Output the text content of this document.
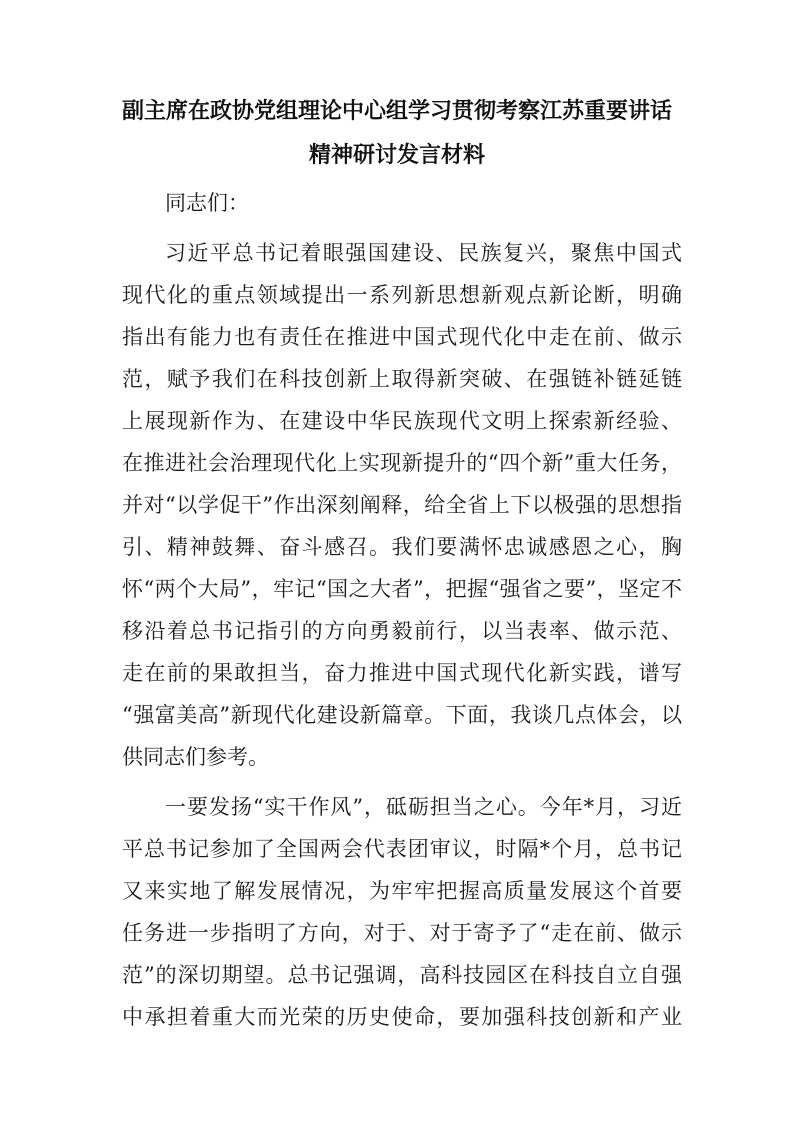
副主席在政协党组理论中心组学习贯彻考察江苏重要讲话
精神研讨发言材料

同志们：

习近平总书记着眼强国建设、民族复兴，聚焦中国式

现代化的重点领域提出一系列新思想新观点新论断，明确

指出有能力也有责任在推进中国式现代化中走在前、做示

范，赋予我们在科技创新上取得新突破、在强链补链延链

上展现新作为、在建设中华民族现代文明上探索新经验、

在推进社会治理现代化上实现新提升的“四个新”重大任务，

并对“以学促干”作出深刻阐释，给全省上下以极强的思想指

引、精神鼓舞、奋斗感召。我们要满怀忠诚感恩之心，胸

怀“两个大局”，牢记“国之大者”，把握“强省之要”，坚定不

移沿着总书记指引的方向勇毅前行，以当表率、做示范、

走在前的果敢担当，奋力推进中国式现代化新实践，谱写

“强富美高”新现代化建设新篇章。下面，我谈几点体会，以

供同志们参考。

一要发扬“实干作风”，砥砺担当之心。今年*月，习近

平总书记参加了全国两会代表团审议，时隔*个月，总书记

又来实地了解发展情况，为牢牢把握高质量发展这个首要

任务进一步指明了方向，对于、对于寄予了“走在前、做示

范”的深切期望。总书记强调，高科技园区在科技自立自强

中承担着重大而光荣的历史使命，要加强科技创新和产业
